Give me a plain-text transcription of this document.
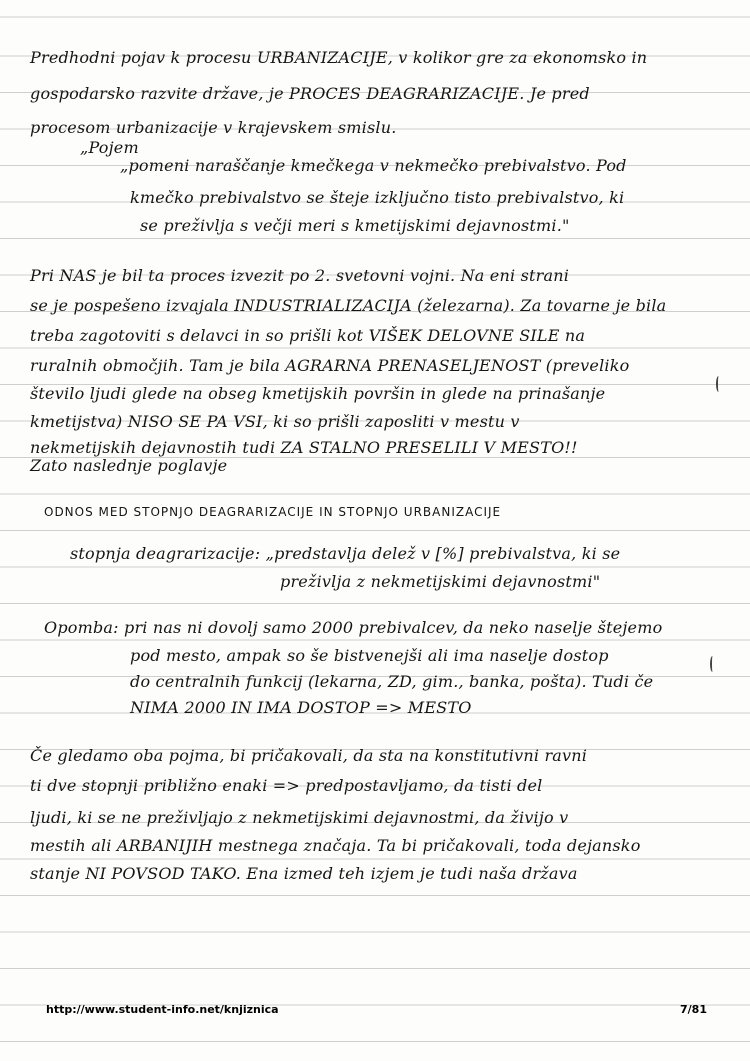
Predhodni pojav k procesu URBANIZACIJE, v kolikor gre za ekonomsko in
gospodarsko razvite države, je PROCES DEAGRARIZACIJE. Je pred
procesom urbanizacije v krajevskem smislu.
„Pojem
„pomeni naraščanje kmečkega v nekmečko prebivalstvo. Pod
kmečko prebivalstvo se šteje izključno tisto prebivalstvo, ki
se preživlja s večji meri s kmetijskimi dejavnostmi."
Pri NAS je bil ta proces izvezit po 2. svetovni vojni. Na eni strani
se je pospešeno izvajala INDUSTRIALIZACIJA (železarna). Za tovarne je bila
treba zagotoviti s delavci in so prišli kot VIŠEK DELOVNE SILE na
ruralnih območjih. Tam je bila AGRARNA PRENASELJENOST (preveliko
število ljudi glede na obseg kmetijskih površin in glede na prinašanje
kmetijstva) NISO SE PA VSI, ki so prišli zaposliti v mestu v
nekmetijskih dejavnostih tudi ZA STALNO PRESELILI V MESTO!!
Zato naslednje poglavje
ODNOS MED STOPNJO DEAGRARIZACIJE IN STOPNJO URBANIZACIJE
stopnja deagrarizacije: „predstavlja delež v [%] prebivalstva, ki se
preživlja z nekmetijskimi dejavnostmi"
Opomba: pri nas ni dovolj samo 2000 prebivalcev, da neko naselje štejemo
pod mesto, ampak so še bistvenejši ali ima naselje dostop
do centralnih funkcij (lekarna, ZD, gim., banka, pošta). Tudi če
NIMA 2000 IN IMA DOSTOP => MESTO
Če gledamo oba pojma, bi pričakovali, da sta na konstitutivni ravni
ti dve stopnji približno enaki => predpostavljamo, da tisti del
ljudi, ki se ne preživljajo z nekmetijskimi dejavnostmi, da živijo v
mestih ali ARBANIJIH mestnega značaja. Ta bi pričakovali, toda dejansko
stanje NI POVSOD TAKO. Ena izmed teh izjem je tudi naša država
http://www.student-info.net/knjiznica	7/81
